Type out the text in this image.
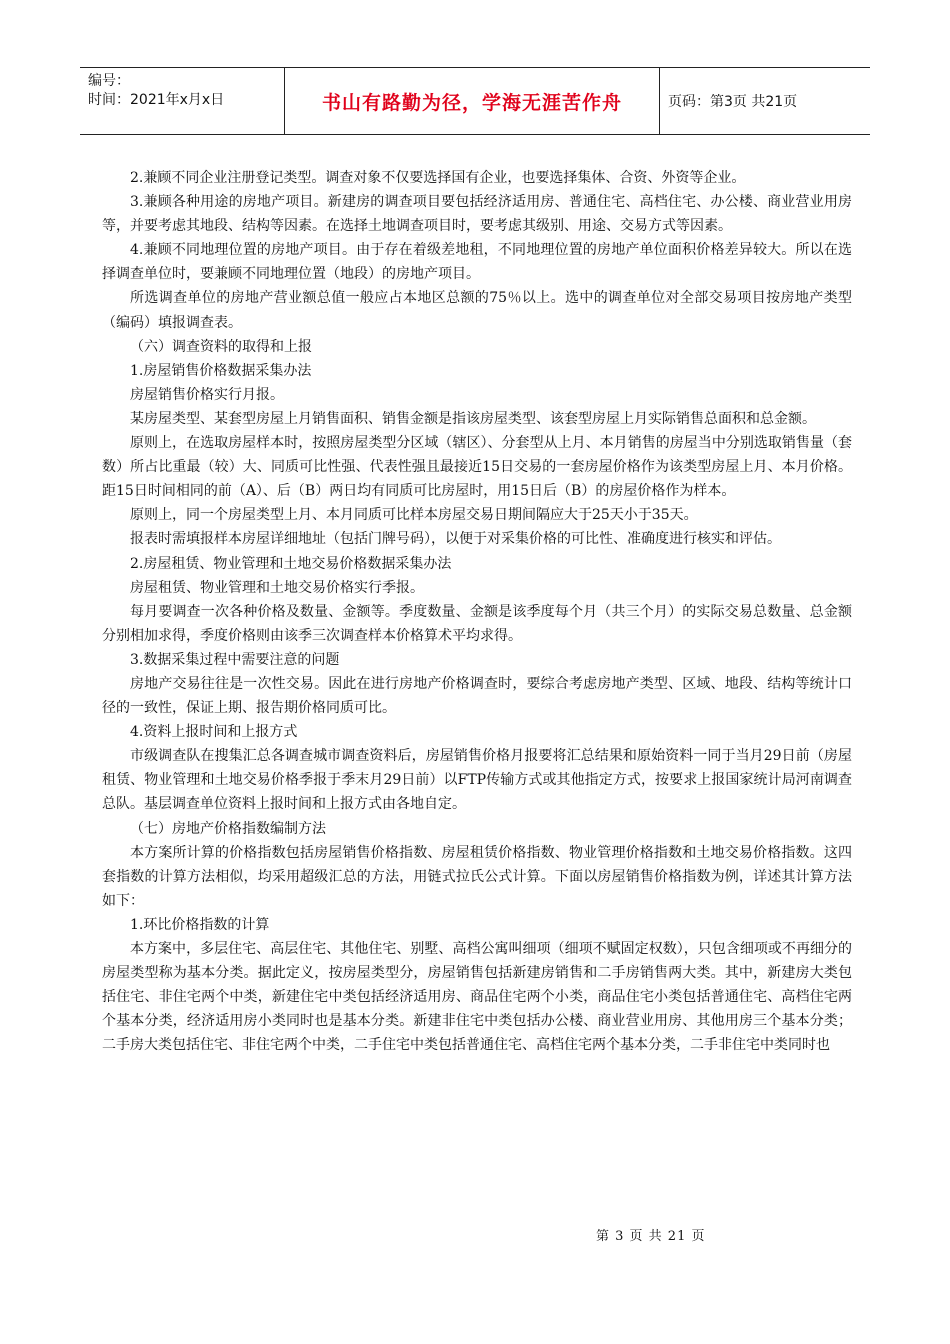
编号：
时间：2021年x月x日	书山有路勤为径，学海无涯苦作舟	页码：第3页 共21页

2.兼顾不同企业注册登记类型。调查对象不仅要选择国有企业，也要选择集体、合资、外资等企业。

3.兼顾各种用途的房地产项目。新建房的调查项目要包括经济适用房、普通住宅、高档住宅、办公楼、商业营业用房等，并要考虑其地段、结构等因素。在选择土地调查项目时，要考虑其级别、用途、交易方式等因素。

4.兼顾不同地理位置的房地产项目。由于存在着级差地租，不同地理位置的房地产单位面积价格差异较大。所以在选择调查单位时，要兼顾不同地理位置（地段）的房地产项目。

所选调查单位的房地产营业额总值一般应占本地区总额的75％以上。选中的调查单位对全部交易项目按房地产类型（编码）填报调查表。

（六）调查资料的取得和上报

1.房屋销售价格数据采集办法

房屋销售价格实行月报。

某房屋类型、某套型房屋上月销售面积、销售金额是指该房屋类型、该套型房屋上月实际销售总面积和总金额。

原则上，在选取房屋样本时，按照房屋类型分区域（辖区）、分套型从上月、本月销售的房屋当中分别选取销售量（套数）所占比重最（较）大、同质可比性强、代表性强且最接近15日交易的一套房屋价格作为该类型房屋上月、本月价格。距15日时间相同的前（A）、后（B）两日均有同质可比房屋时，用15日后（B）的房屋价格作为样本。

原则上，同一个房屋类型上月、本月同质可比样本房屋交易日期间隔应大于25天小于35天。

报表时需填报样本房屋详细地址（包括门牌号码），以便于对采集价格的可比性、准确度进行核实和评估。

2.房屋租赁、物业管理和土地交易价格数据采集办法

房屋租赁、物业管理和土地交易价格实行季报。

每月要调查一次各种价格及数量、金额等。季度数量、金额是该季度每个月（共三个月）的实际交易总数量、总金额分别相加求得，季度价格则由该季三次调查样本价格算术平均求得。

3.数据采集过程中需要注意的问题

房地产交易往往是一次性交易。因此在进行房地产价格调查时，要综合考虑房地产类型、区域、地段、结构等统计口径的一致性，保证上期、报告期价格同质可比。

4.资料上报时间和上报方式

市级调查队在搜集汇总各调查城市调查资料后，房屋销售价格月报要将汇总结果和原始资料一同于当月29日前（房屋租赁、物业管理和土地交易价格季报于季末月29日前）以FTP传输方式或其他指定方式，按要求上报国家统计局河南调查总队。基层调查单位资料上报时间和上报方式由各地自定。

（七）房地产价格指数编制方法

本方案所计算的价格指数包括房屋销售价格指数、房屋租赁价格指数、物业管理价格指数和土地交易价格指数。这四套指数的计算方法相似，均采用超级汇总的方法，用链式拉氏公式计算。下面以房屋销售价格指数为例，详述其计算方法如下：

1.环比价格指数的计算

本方案中，多层住宅、高层住宅、其他住宅、别墅、高档公寓叫细项（细项不赋固定权数），只包含细项或不再细分的房屋类型称为基本分类。据此定义，按房屋类型分，房屋销售包括新建房销售和二手房销售两大类。其中，新建房大类包括住宅、非住宅两个中类，新建住宅中类包括经济适用房、商品住宅两个小类，商品住宅小类包括普通住宅、高档住宅两个基本分类，经济适用房小类同时也是基本分类。新建非住宅中类包括办公楼、商业营业用房、其他用房三个基本分类；二手房大类包括住宅、非住宅两个中类，二手住宅中类包括普通住宅、高档住宅两个基本分类，二手非住宅中类同时也

第 3 页 共 21 页
